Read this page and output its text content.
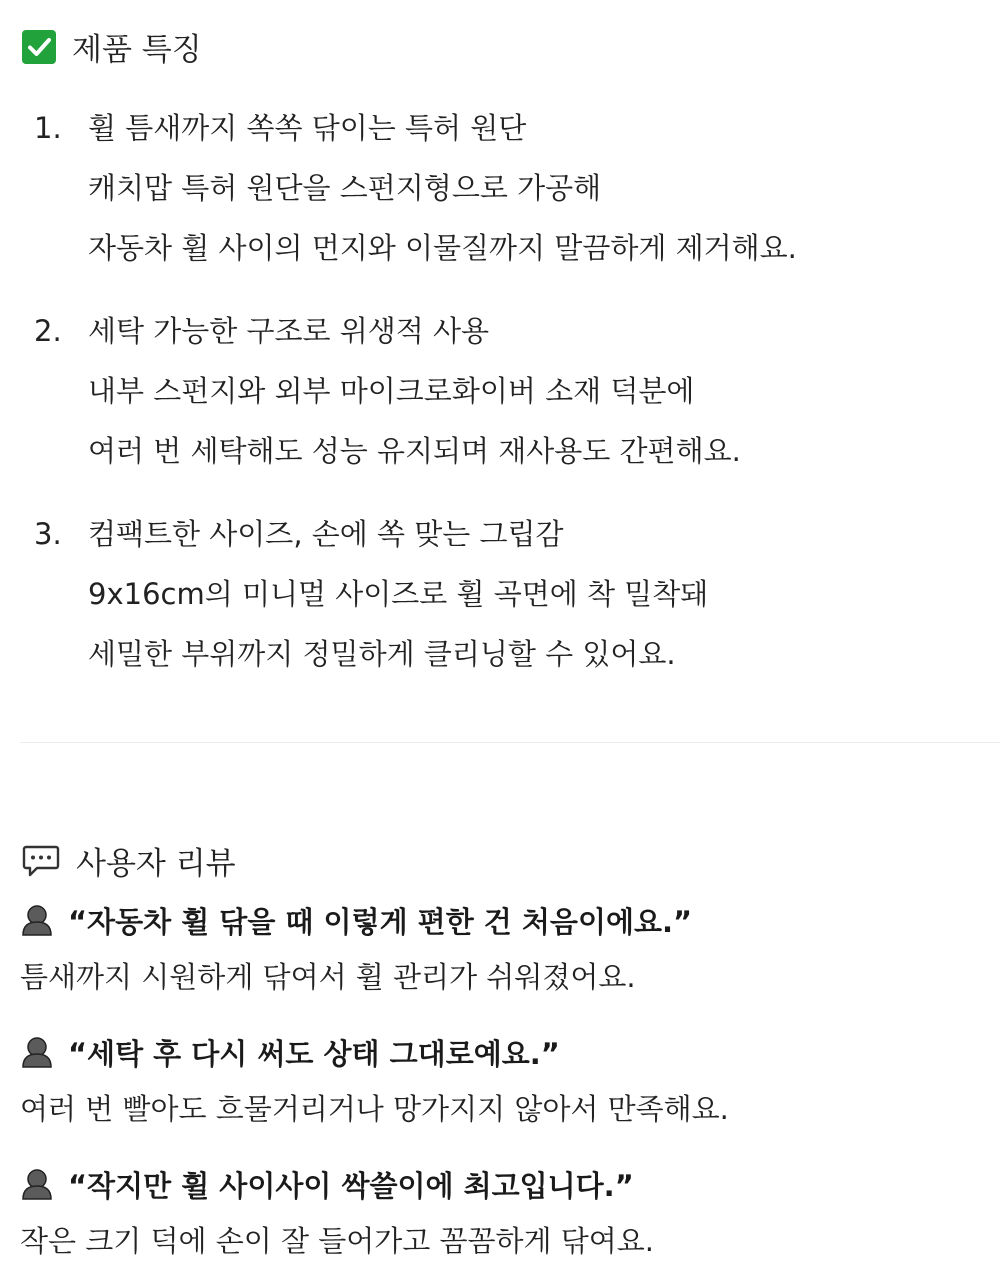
제품 특징
1. 휠 틈새까지 쏙쏙 닦이는 특허 원단
캐치맙 특허 원단을 스펀지형으로 가공해
자동차 휠 사이의 먼지와 이물질까지 말끔하게 제거해요.
2. 세탁 가능한 구조로 위생적 사용
내부 스펀지와 외부 마이크로화이버 소재 덕분에
여러 번 세탁해도 성능 유지되며 재사용도 간편해요.
3. 컴팩트한 사이즈, 손에 쏙 맞는 그립감
9x16cm의 미니멀 사이즈로 휠 곡면에 착 밀착돼
세밀한 부위까지 정밀하게 클리닝할 수 있어요.
사용자 리뷰
“자동차 휠 닦을 때 이렇게 편한 건 처음이에요.”
틈새까지 시원하게 닦여서 휠 관리가 쉬워졌어요.
“세탁 후 다시 써도 상태 그대로예요.”
여러 번 빨아도 흐물거리거나 망가지지 않아서 만족해요.
“작지만 휠 사이사이 싹쓸이에 최고입니다.”
작은 크기 덕에 손이 잘 들어가고 꼼꼼하게 닦여요.
